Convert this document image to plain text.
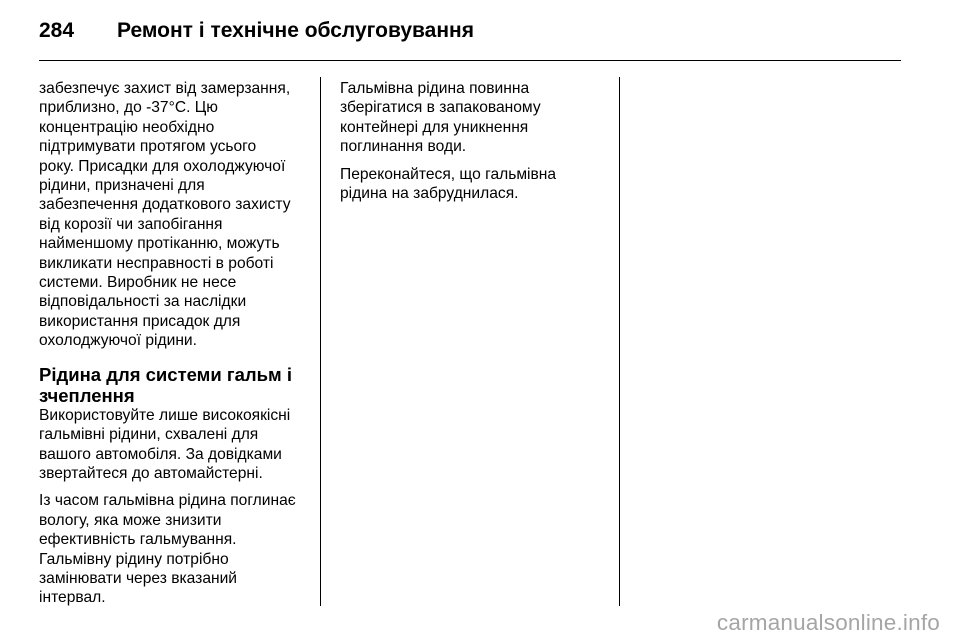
284 Ремонт і технічне обслуговування

забезпечує захист від замерзання,
приблизно, до -37°C. Цю
концентрацію необхідно
підтримувати протягом усього
року. Присадки для охолоджуючої
рідини, призначені для
забезпечення додаткового захисту
від корозії чи запобігання
найменшому протіканню, можуть
викликати несправності в роботі
системи. Виробник не несе
відповідальності за наслідки
використання присадок для
охолоджуючої рідини.

Рідина для системи гальм і
зчеплення

Використовуйте лише високоякісні
гальмівні рідини, схвалені для
вашого автомобіля. За довідками
звертайтеся до автомайстерні.

Із часом гальмівна рідина поглинає
вологу, яка може знизити
ефективність гальмування.
Гальмівну рідину потрібно
замінювати через вказаний
інтервал.

Гальмівна рідина повинна
зберігатися в запакованому
контейнері для уникнення
поглинання води.

Переконайтеся, що гальмівна
рідина на забруднилася.

carmanualsonline.info
